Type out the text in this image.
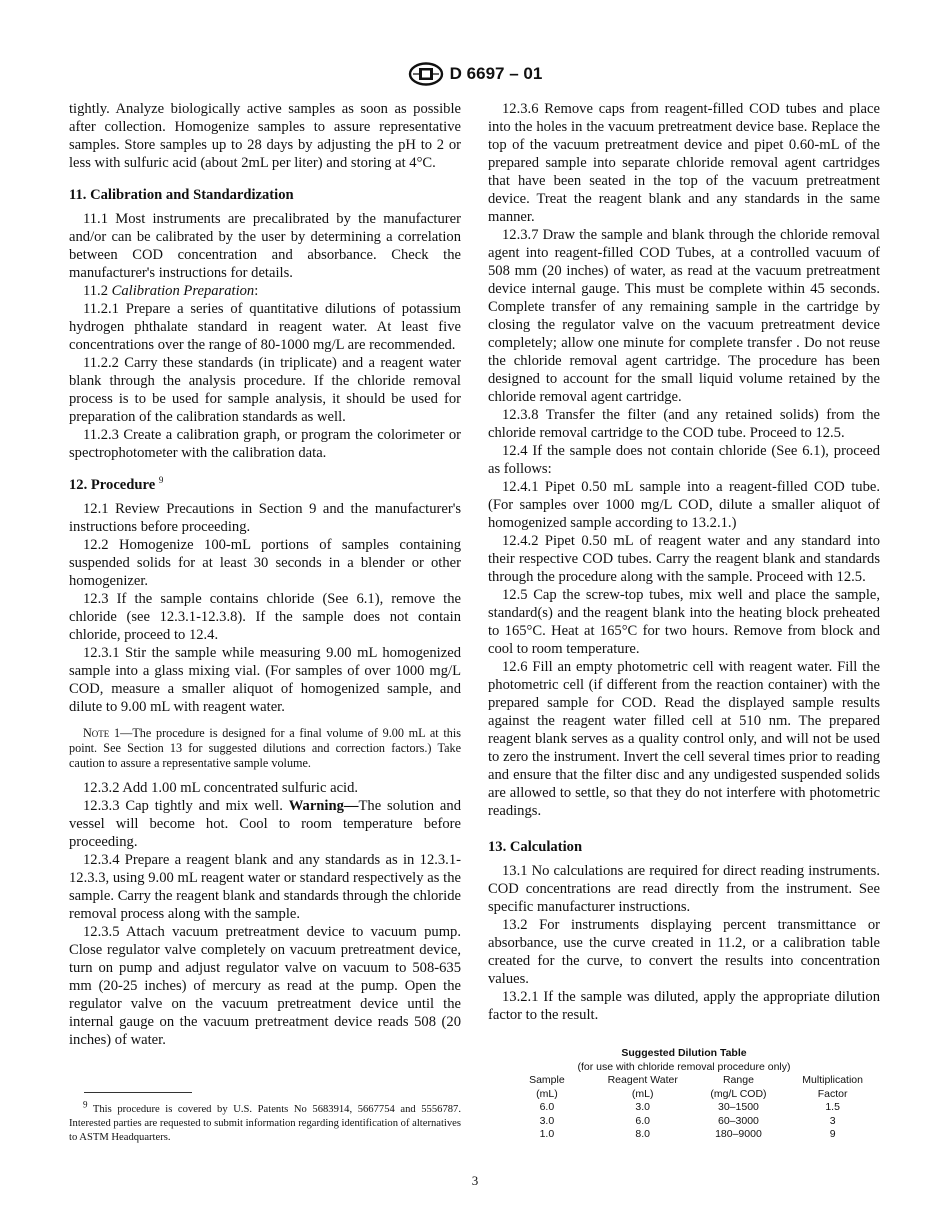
D 6697 – 01

tightly. Analyze biologically active samples as soon as possible after collection. Homogenize samples to assure representative samples. Store samples up to 28 days by adjusting the pH to 2 or less with sulfuric acid (about 2mL per liter) and storing at 4°C.

11. Calibration and Standardization

11.1 Most instruments are precalibrated by the manufacturer and/or can be calibrated by the user by determining a correlation between COD concentration and absorbance. Check the manufacturer's instructions for details.

11.2 Calibration Preparation:

11.2.1 Prepare a series of quantitative dilutions of potassium hydrogen phthalate standard in reagent water. At least five concentrations over the range of 80-1000 mg/L are recommended.

11.2.2 Carry these standards (in triplicate) and a reagent water blank through the analysis procedure. If the chloride removal process is to be used for sample analysis, it should be used for preparation of the calibration standards as well.

11.2.3 Create a calibration graph, or program the colorimeter or spectrophotometer with the calibration data.

12. Procedure $^9$

12.1 Review Precautions in Section 9 and the manufacturer's instructions before proceeding.

12.2 Homogenize 100-mL portions of samples containing suspended solids for at least 30 seconds in a blender or other homogenizer.

12.3 If the sample contains chloride (See 6.1), remove the chloride (see 12.3.1-12.3.8). If the sample does not contain chloride, proceed to 12.4.

12.3.1 Stir the sample while measuring 9.00 mL homogenized sample into a glass mixing vial. (For samples of over 1000 mg/L COD, measure a smaller aliquot of homogenized sample, and dilute to 9.00 mL with reagent water.

Note 1—The procedure is designed for a final volume of 9.00 mL at this point. See Section 13 for suggested dilutions and correction factors.) Take caution to assure a representative sample volume.

12.3.2 Add 1.00 mL concentrated sulfuric acid.

12.3.3 Cap tightly and mix well. Warning—The solution and vessel will become hot. Cool to room temperature before proceeding.

12.3.4 Prepare a reagent blank and any standards as in 12.3.1-12.3.3, using 9.00 mL reagent water or standard respectively as the sample. Carry the reagent blank and standards through the chloride removal process along with the sample.

12.3.5 Attach vacuum pretreatment device to vacuum pump. Close regulator valve completely on vacuum pretreatment device, turn on pump and adjust regulator valve on vacuum to 508-635 mm (20-25 inches) of mercury as read at the pump. Open the regulator valve on the vacuum pretreatment device until the internal gauge on the vacuum pretreatment device reads 508 (20 inches) of water.

$^9$ This procedure is covered by U.S. Patents No 5683914, 5667754 and 5556787. Interested parties are requested to submit information regarding identification of alternatives to ASTM Headquarters.

12.3.6 Remove caps from reagent-filled COD tubes and place into the holes in the vacuum pretreatment device base. Replace the top of the vacuum pretreatment device and pipet 0.60-mL of the prepared sample into separate chloride removal agent cartridges that have been seated in the top of the vacuum pretreatment device. Treat the reagent blank and any standards in the same manner.

12.3.7 Draw the sample and blank through the chloride removal agent into reagent-filled COD Tubes, at a controlled vacuum of 508 mm (20 inches) of water, as read at the vacuum pretreatment device internal gauge. This must be complete within 45 seconds. Complete transfer of any remaining sample in the cartridge by closing the regulator valve on the vacuum pretreatment device completely; allow one minute for complete transfer . Do not reuse the chloride removal agent cartridge. The procedure has been designed to account for the small liquid volume retained by the chloride removal agent cartridge.

12.3.8 Transfer the filter (and any retained solids) from the chloride removal cartridge to the COD tube. Proceed to 12.5.

12.4 If the sample does not contain chloride (See 6.1), proceed as follows:

12.4.1 Pipet 0.50 mL sample into a reagent-filled COD tube. (For samples over 1000 mg/L COD, dilute a smaller aliquot of homogenized sample according to 13.2.1.)

12.4.2 Pipet 0.50 mL of reagent water and any standard into their respective COD tubes. Carry the reagent blank and standards through the procedure along with the sample. Proceed with 12.5.

12.5 Cap the screw-top tubes, mix well and place the sample, standard(s) and the reagent blank into the heating block preheated to 165°C. Heat at 165°C for two hours. Remove from block and cool to room temperature.

12.6 Fill an empty photometric cell with reagent water. Fill the photometric cell (if different from the reaction container) with the prepared sample for COD. Read the displayed sample results against the reagent water filled cell at 510 nm. The prepared reagent blank serves as a quality control only, and will not be used to zero the instrument. Invert the cell several times prior to reading and ensure that the filter disc and any undigested suspended solids are allowed to settle, so that they do not interfere with photometric readings.

13. Calculation

13.1 No calculations are required for direct reading instruments. COD concentrations are read directly from the instrument. See specific manufacturer instructions.

13.2 For instruments displaying percent transmittance or absorbance, use the curve created in 11.2, or a calibration table created for the curve, to convert the results into concentration values.

13.2.1 If the sample was diluted, apply the appropriate dilution factor to the result.

Suggested Dilution Table
(for use with chloride removal procedure only)
Sample	Reagent Water	Range	Multiplication
(mL)	(mL)	(mg/L COD)	Factor
6.0	3.0	30–1500	1.5
3.0	6.0	60–3000	3
1.0	8.0	180–9000	9
3
